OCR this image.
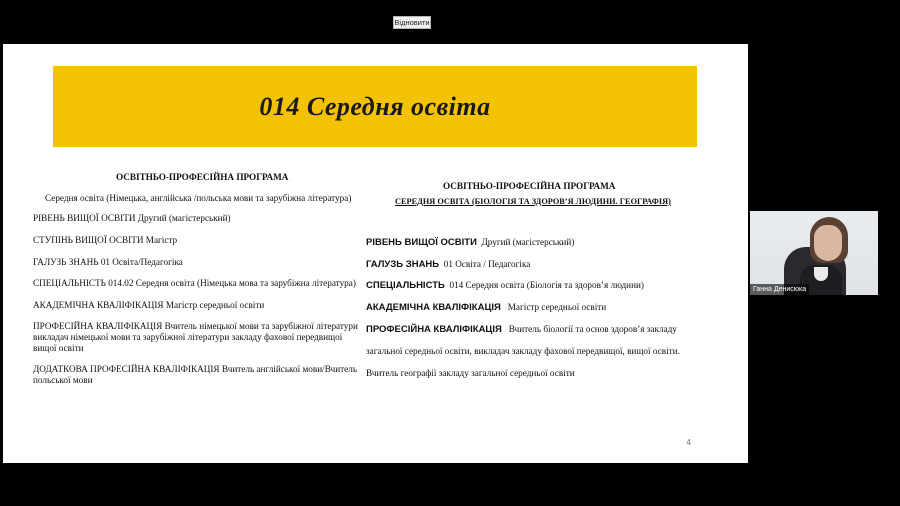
Відновити
014 Середня освіта
ОСВІТНЬО-ПРОФЕСІЙНА ПРОГРАМА
Середня освіта (Німецька, англійська /польська мови та зарубіжна література)
РІВЕНЬ ВИЩОЇ ОСВІТИ Другий (магістерський)
СТУПІНЬ ВИЩОЇ ОСВІТИ Магістр
ГАЛУЗЬ ЗНАНЬ 01 Освіта/Педагогіка
СПЕЦІАЛЬНІСТЬ 014.02 Середня освіта (Німецька мова та зарубіжна література)
АКАДЕМІЧНА КВАЛІФІКАЦІЯ Магістр середньої освіти
ПРОФЕСІЙНА КВАЛІФІКАЦІЯ Вчитель німецької мови та зарубіжної літератури
викладач німецької мови та зарубіжної літератури закладу фахової передвищої
вищої освіти
ДОДАТКОВА ПРОФЕСІЙНА КВАЛІФІКАЦІЯ Вчитель англійської мови/Вчитель
польської мови
ОСВІТНЬО-ПРОФЕСІЙНА ПРОГРАМА
СЕРЕДНЯ ОСВІТА (БІОЛОГІЯ ТА ЗДОРОВ’Я ЛЮДИНИ. ГЕОГРАФІЯ)
РІВЕНЬ ВИЩОЇ ОСВІТИ Другий (магістерський)
ГАЛУЗЬ ЗНАНЬ 01 Освіта / Педагогіка
СПЕЦІАЛЬНІСТЬ 014 Середня освіта (Біологія та здоров’я людини)
АКАДЕМІЧНА КВАЛІФІКАЦІЯ Магістр середньої освіти
ПРОФЕСІЙНА КВАЛІФІКАЦІЯ Вчитель біології та основ здоров’я закладу
загальної середньої освіти, викладач закладу фахової передвищої, вищої освіти.
Вчитель географії закладу загальної середньої освіти
4
Ганна Денисюка
